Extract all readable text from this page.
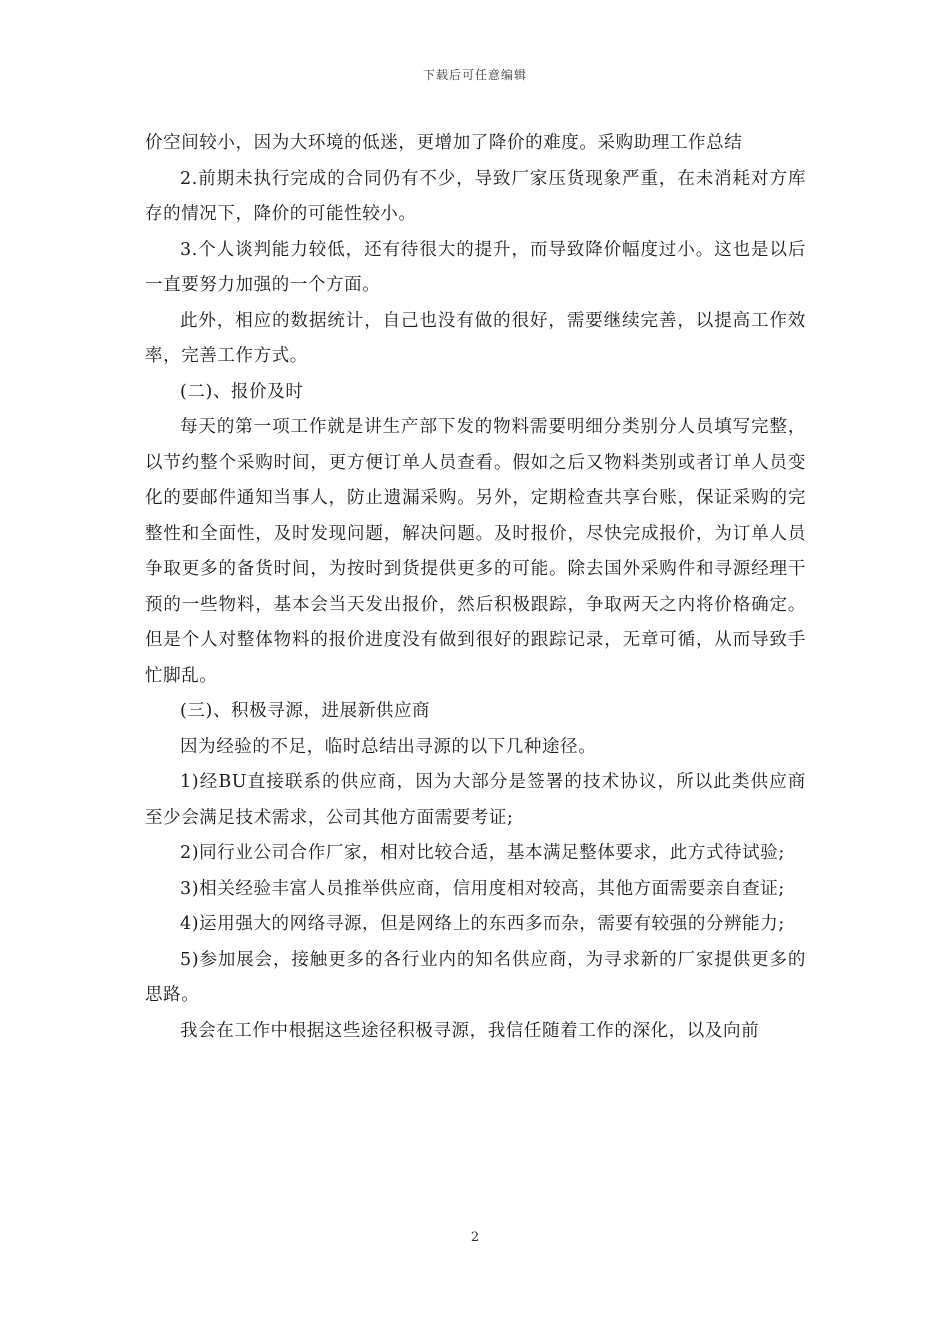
下载后可任意编辑

价空间较小，因为大环境的低迷，更增加了降价的难度。采购助理工作总结

2.前期未执行完成的合同仍有不少，导致厂家压货现象严重，在未消耗对方库存的情况下，降价的可能性较小。

3.个人谈判能力较低，还有待很大的提升，而导致降价幅度过小。这也是以后一直要努力加强的一个方面。

此外，相应的数据统计，自己也没有做的很好，需要继续完善，以提高工作效率，完善工作方式。

(二)、报价及时

每天的第一项工作就是讲生产部下发的物料需要明细分类别分人员填写完整，以节约整个采购时间，更方便订单人员查看。假如之后又物料类别或者订单人员变化的要邮件通知当事人，防止遗漏采购。另外，定期检查共享台账，保证采购的完整性和全面性，及时发现问题，解决问题。及时报价，尽快完成报价，为订单人员争取更多的备货时间，为按时到货提供更多的可能。除去国外采购件和寻源经理干预的一些物料，基本会当天发出报价，然后积极跟踪，争取两天之内将价格确定。但是个人对整体物料的报价进度没有做到很好的跟踪记录，无章可循，从而导致手忙脚乱。

(三)、积极寻源，进展新供应商

因为经验的不足，临时总结出寻源的以下几种途径。

1)经BU直接联系的供应商，因为大部分是签署的技术协议，所以此类供应商至少会满足技术需求，公司其他方面需要考证;

2)同行业公司合作厂家，相对比较合适，基本满足整体要求，此方式待试验;

3)相关经验丰富人员推举供应商，信用度相对较高，其他方面需要亲自查证;

4)运用强大的网络寻源，但是网络上的东西多而杂，需要有较强的分辨能力;

5)参加展会，接触更多的各行业内的知名供应商，为寻求新的厂家提供更多的思路。

我会在工作中根据这些途径积极寻源，我信任随着工作的深化，以及向前

2
